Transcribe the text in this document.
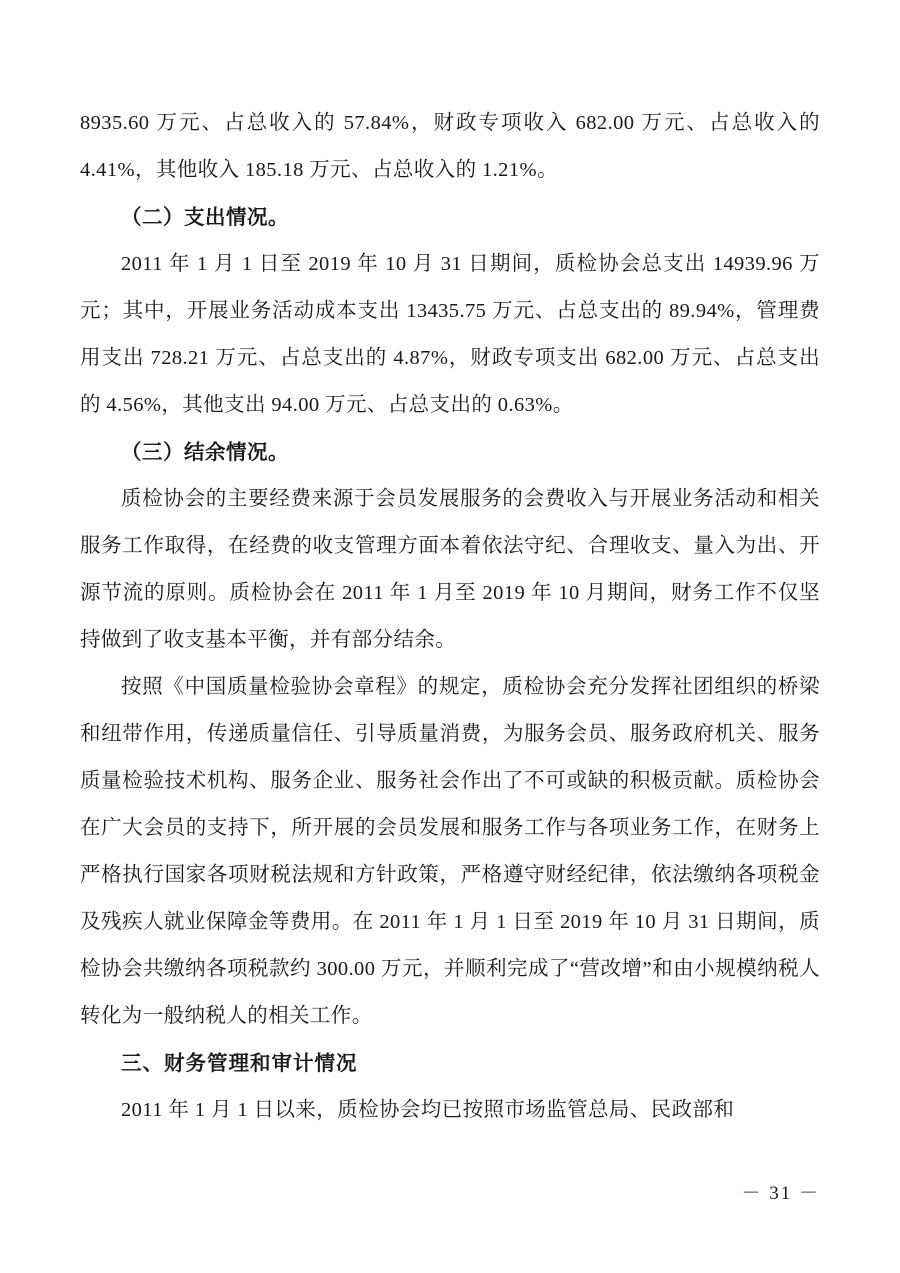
8935.60 万元、占总收入的 57.84%，财政专项收入 682.00 万元、占总收入的 4.41%，其他收入 185.18 万元、占总收入的 1.21%。

（二）支出情况。

2011 年 1 月 1 日至 2019 年 10 月 31 日期间，质检协会总支出 14939.96 万元；其中，开展业务活动成本支出 13435.75 万元、占总支出的 89.94%，管理费用支出 728.21 万元、占总支出的 4.87%，财政专项支出 682.00 万元、占总支出的 4.56%，其他支出 94.00 万元、占总支出的 0.63%。

（三）结余情况。

质检协会的主要经费来源于会员发展服务的会费收入与开展业务活动和相关服务工作取得，在经费的收支管理方面本着依法守纪、合理收支、量入为出、开源节流的原则。质检协会在 2011 年 1 月至 2019 年 10 月期间，财务工作不仅坚持做到了收支基本平衡，并有部分结余。

按照《中国质量检验协会章程》的规定，质检协会充分发挥社团组织的桥梁和纽带作用，传递质量信任、引导质量消费，为服务会员、服务政府机关、服务质量检验技术机构、服务企业、服务社会作出了不可或缺的积极贡献。质检协会在广大会员的支持下，所开展的会员发展和服务工作与各项业务工作，在财务上严格执行国家各项财税法规和方针政策，严格遵守财经纪律，依法缴纳各项税金及残疾人就业保障金等费用。在 2011 年 1 月 1 日至 2019 年 10 月 31 日期间，质检协会共缴纳各项税款约 300.00 万元，并顺利完成了“营改增”和由小规模纳税人转化为一般纳税人的相关工作。

三、财务管理和审计情况

2011 年 1 月 1 日以来，质检协会均已按照市场监管总局、民政部和

－ 31 －
